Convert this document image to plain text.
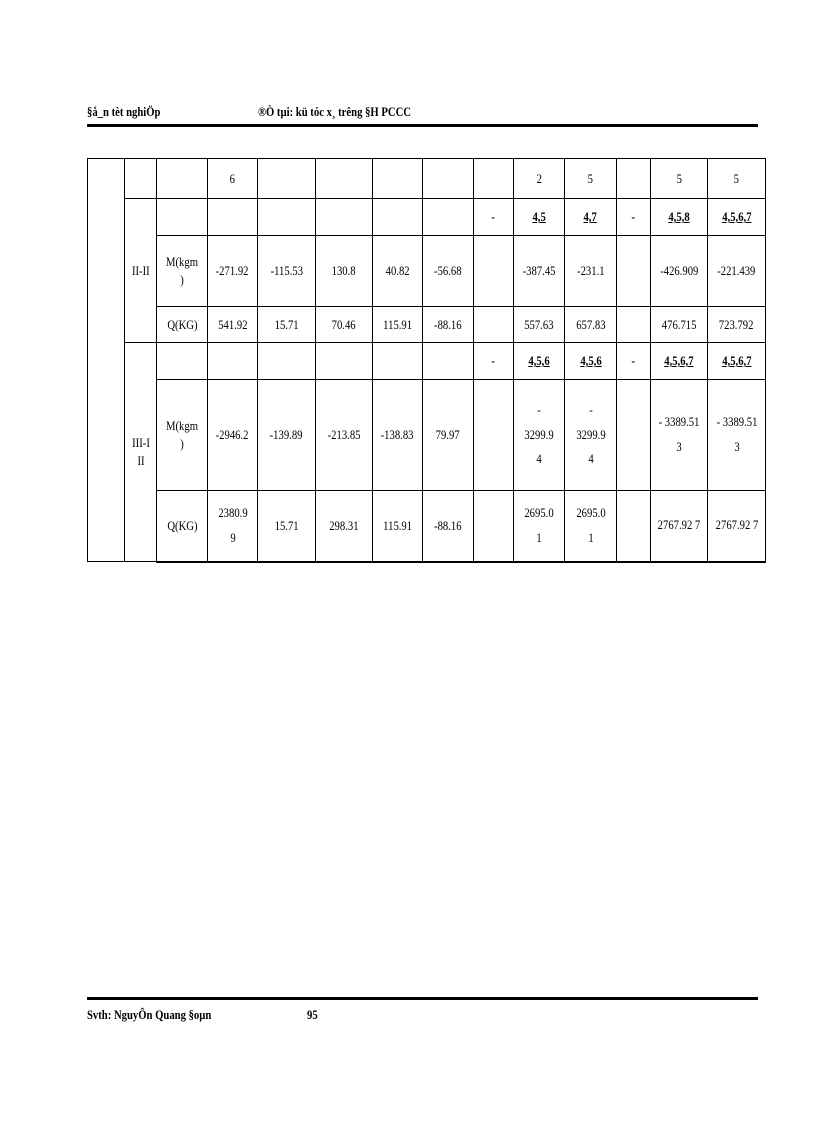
§å_n tèt nghiÖp	®Ò tµi: kü tóc x¸ trêng §H PCCC
			6						2	5		5	5
	II-II							-	4,5	4,7	-	4,5,8	4,5,6,7
		M(kgm )	-271.92	-115.53	130.8	40.82	-56.68		-387.45	-231.1		-426.909	-221.439
		Q(KG)	541.92	15.71	70.46	115.91	-88.16		557.63	657.83		476.715	723.792
	III-III							-	4,5,6	4,5,6	-	4,5,6,7	4,5,6,7
		M(kgm )	-2946.2	-139.89	-213.85	-138.83	79.97		- 3299.9 4	- 3299.9 4		- 3389.51 3	- 3389.51 3
		Q(KG)	2380.9 9	15.71	298.31	115.91	-88.16		2695.0 1	2695.0 1		2767.92 7	2767.92 7
Svth: NguyÔn Quang §oµn	95
